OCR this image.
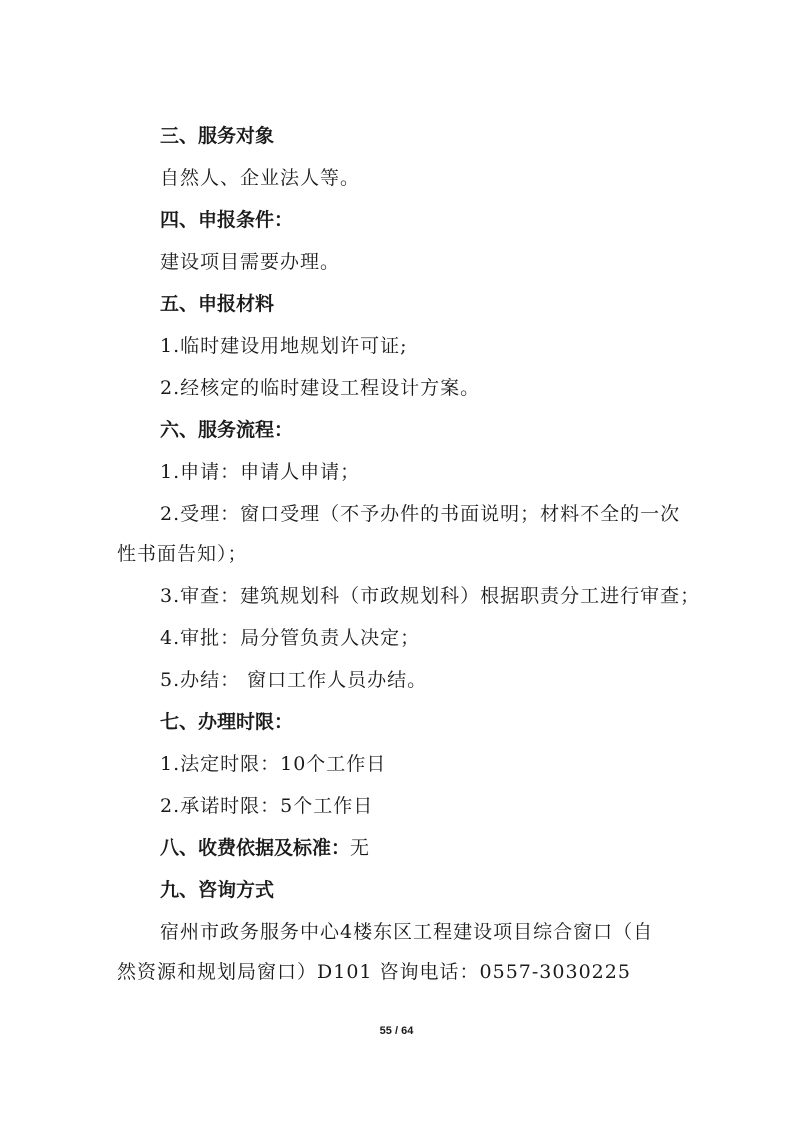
三、服务对象
自然人、企业法人等。
四、申报条件：
建设项目需要办理。
五、申报材料
1.临时建设用地规划许可证;
2.经核定的临时建设工程设计方案。
六、服务流程：
1.申请：申请人申请；
2.受理：窗口受理（不予办件的书面说明；材料不全的一次
性书面告知）；
3.审查：建筑规划科（市政规划科）根据职责分工进行审查；
4.审批：局分管负责人决定；
5.办结： 窗口工作人员办结。
七、办理时限：
1.法定时限：10个工作日
2.承诺时限：5个工作日
八、收费依据及标准：无
九、咨询方式
宿州市政务服务中心4楼东区工程建设项目综合窗口（自
然资源和规划局窗口）D101 咨询电话：0557-3030225
55 / 64
